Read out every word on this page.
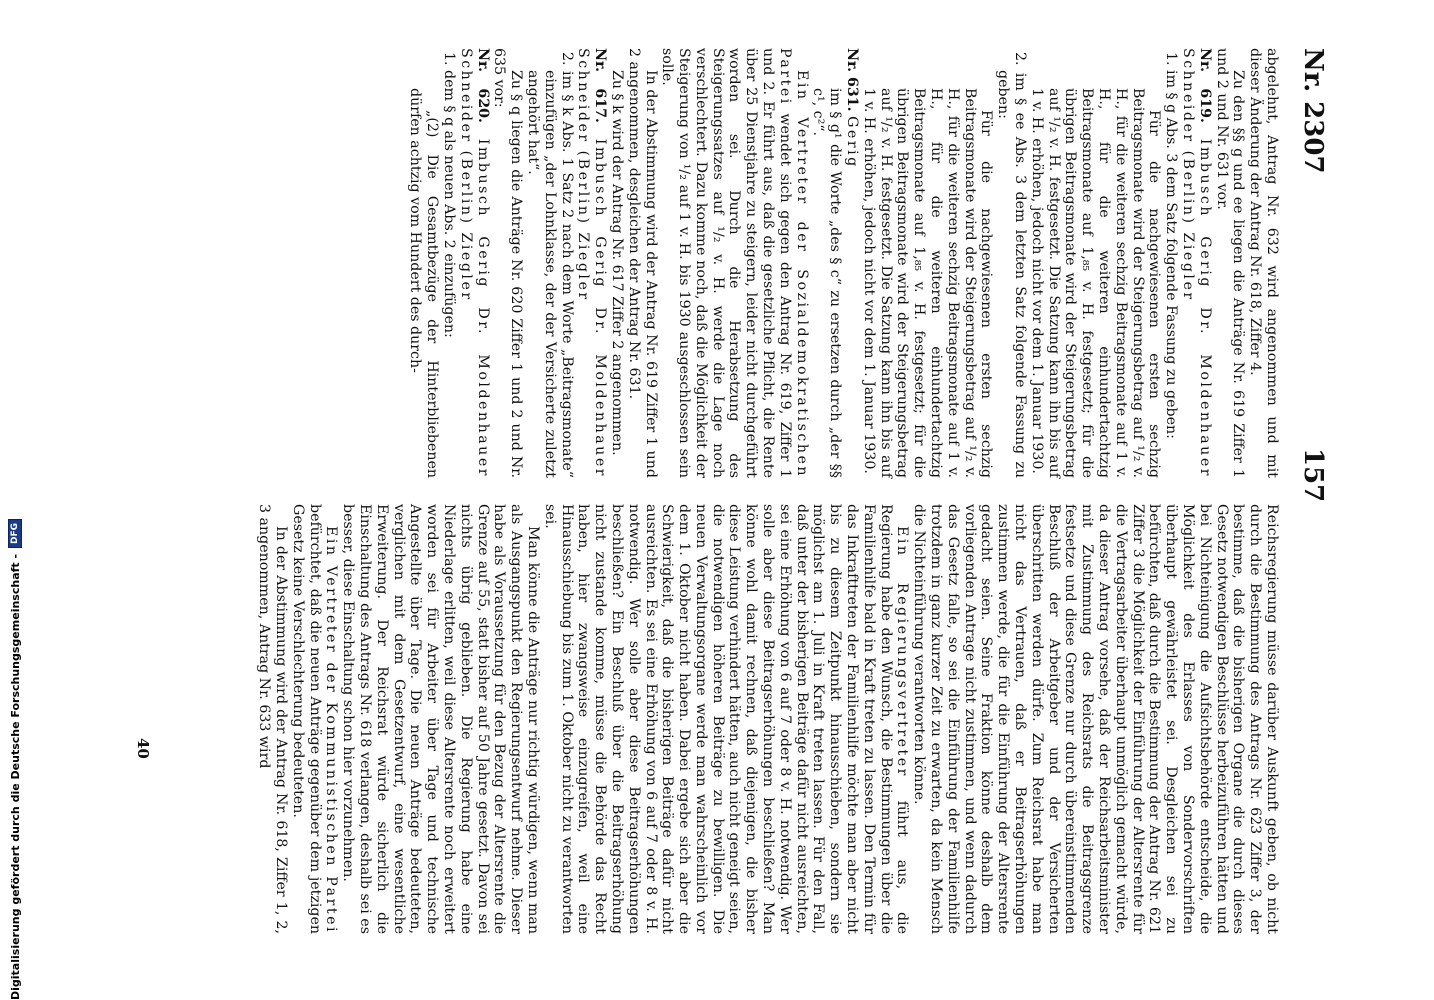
Nr. 2307
157

abgelehnt, Antrag Nr. 632 wird angenommen und mit dieser Änderung der Antrag Nr. 618, Ziffer 4.

Zu den §§ g und ee liegen die Anträge Nr. 619 Ziffer 1 und 2 und Nr. 631 vor.

Nr. 619. Imbusch Gerig Dr. Moldenhauer Schneider (Berlin) Ziegler

1. im § g Abs. 3 dem Satz folgende Fassung zu geben:

Für die nachgewiesenen ersten sechzig Beitragsmonate wird der Steigerungsbetrag auf ¹/₂ v. H., für die weiteren sechzig Beitragsmonate auf 1 v. H., für die weiteren einhundertachtzig Beitragsmonate auf 1,₈₅ v. H. festgesetzt; für die übrigen Beitragsmonate wird der Steigerungsbetrag auf ¹/₂ v. H. festgesetzt. Die Satzung kann ihn bis auf 1 v. H. erhöhen, jedoch nicht vor dem 1. Januar 1930.

2. im § ee Abs. 3 dem letzten Satz folgende Fassung zu geben:

Für die nachgewiesenen ersten sechzig Beitragsmonate wird der Steigerungsbetrag auf ¹/₂ v. H., für die weiteren sechzig Beitragsmonate auf 1 v. H., für die weiteren einhundertachtzig Beitragsmonate auf 1,₈₅ v. H. festgesetzt; für die übrigen Beitragsmonate wird der Steigerungsbetrag auf ¹/₂ v. H. festgesetzt. Die Satzung kann ihn bis auf 1 v. H. erhöhen, jedoch nicht vor dem 1. Januar 1930.

Nr. 631. Gerig

im § g¹ die Worte „des § c“ zu ersetzen durch „der §§ c¹, c²“.

Ein Vertreter der Sozialdemokratischen Partei wendet sich gegen den Antrag Nr. 619, Ziffer 1 und 2. Er führt aus, daß die gesetzliche Pflicht, die Rente über 25 Dienstjahre zu steigern, leider nicht durchgeführt worden sei. Durch die Herabsetzung des Steigerungssatzes auf ¹/₂ v. H. werde die Lage noch verschlechtert. Dazu komme noch, daß die Möglichkeit der Steigerung von ¹/₂ auf 1 v. H. bis 1930 ausgeschlossen sein solle.

In der Abstimmung wird der Antrag Nr. 619 Ziffer 1 und 2 angenommen, desgleichen der Antrag Nr. 631.

Zu § k wird der Antrag Nr. 617 Ziffer 2 angenommen.

Nr. 617. Imbusch Gerig Dr. Moldenhauer Schneider (Berlin) Ziegler

2. im § k Abs. 1 Satz 2 nach dem Worte „Beitragsmonate“ einzufügen „der Lohnklasse, der der Versicherte zuletzt angehört hat“.

Zu § q liegen die Anträge Nr. 620 Ziffer 1 und 2 und Nr. 635 vor:

Nr. 620. Imbusch Gerig Dr. Moldenhauer Schneider (Berlin) Ziegler

1. dem § q als neuen Abs. 2 einzufügen:

„(2) Die Gesamtbezüge der Hinterbliebenen dürfen achtzig vom Hundert des durch-

Reichsregierung müsse darüber Auskunft geben, ob nicht durch die Bestimmung des Antrags Nr. 623 Ziffer 3, der bestimme, daß die bisherigen Organe die durch dieses Gesetz notwendigen Beschlüsse herbeizuführen hätten und bei Nichteinigung die Aufsichtsbehörde entscheide, die Möglichkeit des Erlasses von Sondervorschriften überhaupt gewährleistet sei. Desgleichen sei zu befürchten, daß durch die Bestimmung der Antrag Nr. 621 Ziffer 3 die Möglichkeit der Einführung der Altersrente für die Vertragsarbeiter überhaupt unmöglich gemacht würde, da dieser Antrag vorsehe, daß der Reichsarbeitsminister mit Zustimmung des Reichsrats die Beitragsgrenze festsetze und diese Grenze nur durch übereinstimmenden Beschluß der Arbeitgeber und der Versicherten überschritten werden dürfe. Zum Reichsrat habe man nicht das Vertrauen, daß er Beitragserhöhungen zustimmen werde, die für die Einführung der Altersrente gedacht seien. Seine Fraktion könne deshalb dem vorliegenden Antrage nicht zustimmen, und wenn dadurch das Gesetz falle, so sei die Einführung der Familienhilfe trotzdem in ganz kurzer Zeit zu erwarten, da kein Mensch die Nichteinführung verantworten könne.

Ein Regierungsvertreter führt aus, die Regierung habe den Wunsch, die Bestimmungen über die Familienhilfe bald in Kraft treten zu lassen. Den Termin für das Inkrafttreten der Familienhilfe möchte man aber nicht bis zu diesem Zeitpunkt hinausschieben, sondern sie möglichst am 1. Juli in Kraft treten lassen. Für den Fall, daß unter der bisherigen Beiträge dafür nicht ausreichten, sei eine Erhöhung von 6 auf 7 oder 8 v. H. notwendig. Wer solle aber diese Beitragserhöhungen beschließen? Man könne wohl damit rechnen, daß diejenigen, die bisher diese Leistung verhindert hätten, auch nicht geneigt seien, die notwendigen höheren Beiträge zu bewilligen. Die neuen Verwaltungsorgane werde man wahrscheinlich vor dem 1. Oktober nicht haben. Dabei ergebe sich aber die Schwierigkeit, daß die bisherigen Beiträge dafür nicht ausreichten. Es sei eine Erhöhung von 6 auf 7 oder 8 v. H. notwendig. Wer solle aber diese Beitragserhöhungen beschließen? Ein Beschluß über die Beitragserhöhung nicht zustande komme, müsse die Behörde das Recht haben, hier zwangsweise einzugreifen, weil eine Hinausschiebung bis zum 1. Oktober nicht zu verantworten sei.

Man könne die Anträge nur richtig würdigen, wenn man als Ausgangspunkt den Regierungsentwurf nehme. Dieser habe als Voraussetzung für den Bezug der Altersrente die Grenze auf 55, statt bisher auf 50 Jahre gesetzt. Davon sei nichts übrig geblieben. Die Regierung habe eine Niederlage erlitten, weil diese Altersrente noch erweitert worden sei für Arbeiter über Tage und technische Angestellte über Tage. Die neuen Anträge bedeuteten, verglichen mit dem Gesetzentwurf, eine wesentliche Erweiterung. Der Reichsrat würde sicherlich die Einschaltung des Antrags Nr. 618 verlangen, deshalb sei es besser, diese Einschaltung schon hier vorzunehmen.

Ein Vertreter der Kommunistischen Partei befürchtet, daß die neuen Anträge gegenüber dem jetzigen Gesetz keine Verschlechterung bedeuteten.

In der Abstimmung wird der Antrag Nr. 618, Ziffer 1, 2, 3 angenommen, Antrag Nr. 633 wird

40
Digitalisierung gefördert durch die Deutsche Forschungsgemeinschaft -
DFG
